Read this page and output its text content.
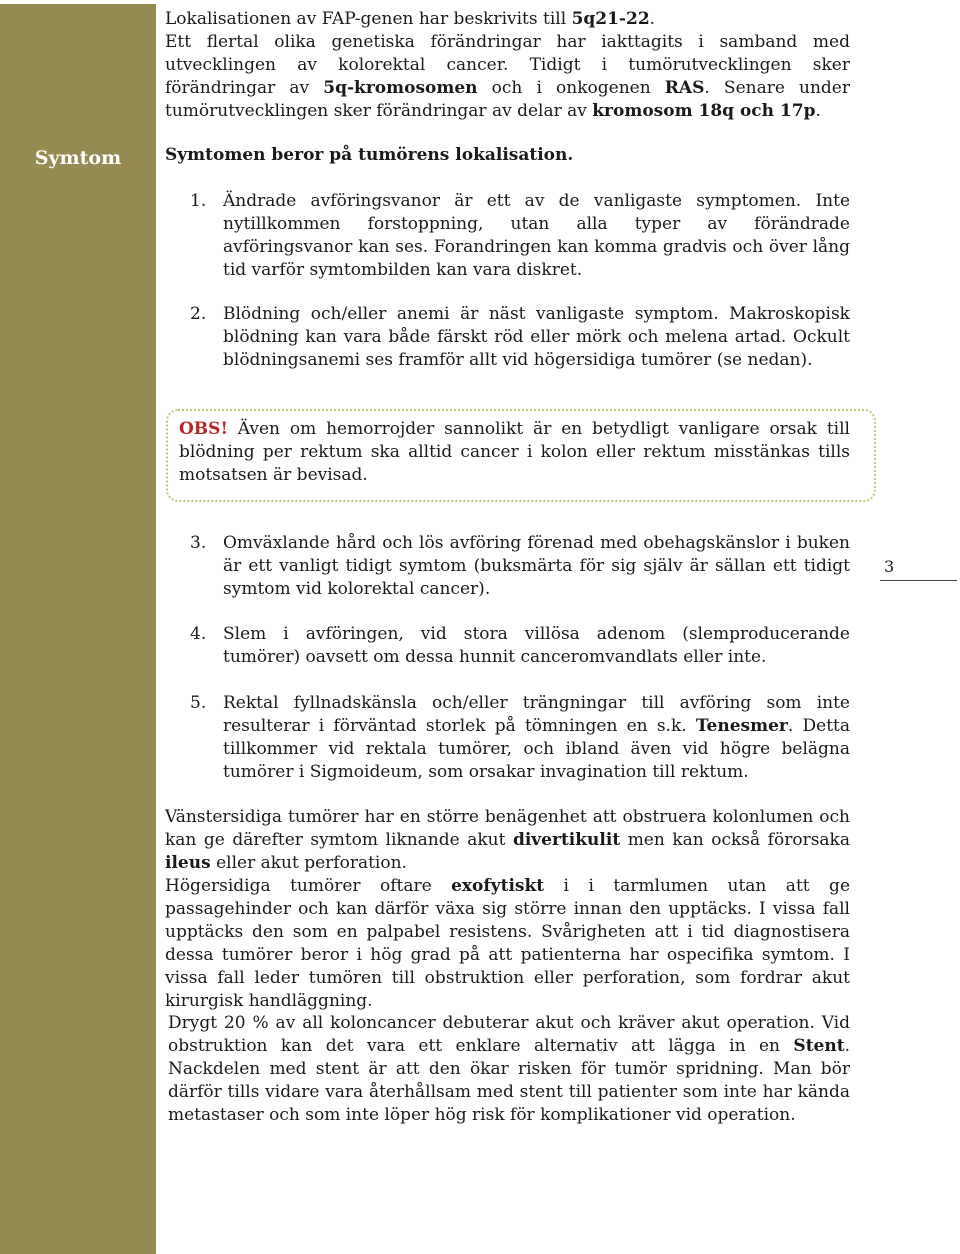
Symtom

Lokalisationen av FAP-genen har beskrivits till 5q21-22.
Ett flertal olika genetiska förändringar har iakttagits i samband med utvecklingen av kolorektal cancer. Tidigt i tumörutvecklingen sker förändringar av 5q-kromosomen och i onkogenen RAS. Senare under tumörutvecklingen sker förändringar av delar av kromosom 18q och 17p.

Symtomen beror på tumörens lokalisation.

1. Ändrade avföringsvanor är ett av de vanligaste symptomen. Inte nytillkommen forstoppning, utan alla typer av förändrade avföringsvanor kan ses. Forandringen kan komma gradvis och över lång tid varför symtombilden kan vara diskret.
2. Blödning och/eller anemi är näst vanligaste symptom. Makroskopisk blödning kan vara både färskt röd eller mörk och melena artad. Ockult blödningsanemi ses framför allt vid högersidiga tumörer (se nedan).

OBS! Även om hemorrojder sannolikt är en betydligt vanligare orsak till blödning per rektum ska alltid cancer i kolon eller rektum misstänkas tills motsatsen är bevisad.

3. Omväxlande hård och lös avföring förenad med obehagskänslor i buken är ett vanligt tidigt symtom (buksmärta för sig själv är sällan ett tidigt symtom vid kolorektal cancer).
3
4. Slem i avföringen, vid stora villösa adenom (slemproducerande tumörer) oavsett om dessa hunnit canceromvandlats eller inte.
5. Rektal fyllnadskänsla och/eller trängningar till avföring som inte resulterar i förväntad storlek på tömningen en s.k. Tenesmer. Detta tillkommer vid rektala tumörer, och ibland även vid högre belägna tumörer i Sigmoideum, som orsakar invagination till rektum.

Vänstersidiga tumörer har en större benägenhet att obstruera kolonlumen och kan ge därefter symtom liknande akut divertikulit men kan också förorsaka ileus eller akut perforation.
Högersidiga tumörer oftare exofytiskt i i tarmlumen utan att ge passagehinder och kan därför växa sig större innan den upptäcks. I vissa fall upptäcks den som en palpabel resistens. Svårigheten att i tid diagnostisera dessa tumörer beror i hög grad på att patienterna har ospecifika symtom. I vissa fall leder tumören till obstruktion eller perforation, som fordrar akut kirurgisk handläggning.

Drygt 20 % av all koloncancer debuterar akut och kräver akut operation. Vid obstruktion kan det vara ett enklare alternativ att lägga in en Stent. Nackdelen med stent är att den ökar risken för tumör spridning. Man bör därför tills vidare vara återhållsam med stent till patienter som inte har kända metastaser och som inte löper hög risk för komplikationer vid operation.
